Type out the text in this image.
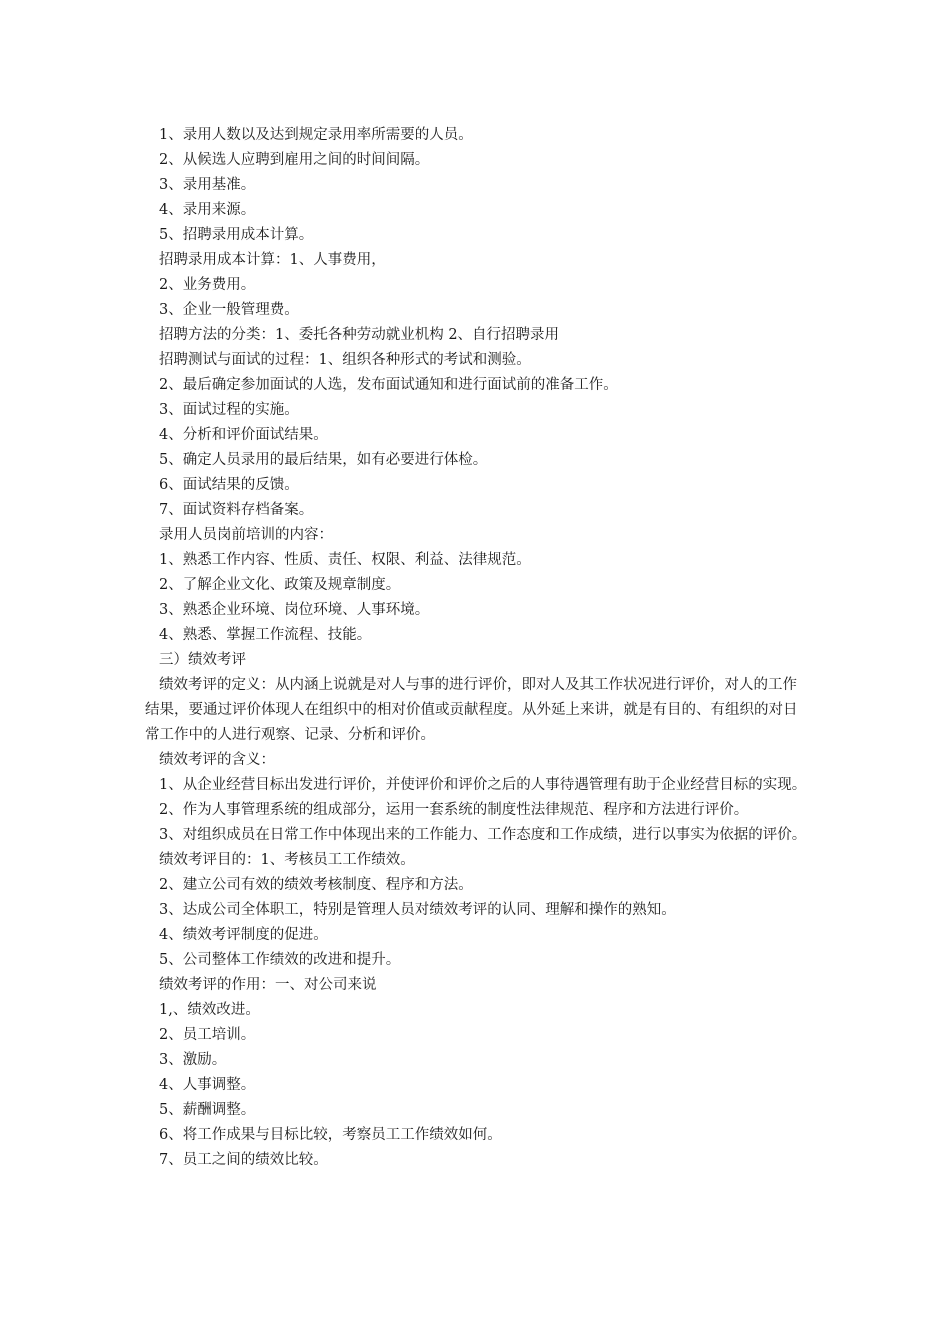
1、录用人数以及达到规定录用率所需要的人员。

2、从候选人应聘到雇用之间的时间间隔。

3、录用基准。

4、录用来源。

5、招聘录用成本计算。

招聘录用成本计算：1、人事费用，

2、业务费用。

3、企业一般管理费。

招聘方法的分类：1、委托各种劳动就业机构 2、自行招聘录用

招聘测试与面试的过程：1、组织各种形式的考试和测验。

2、最后确定参加面试的人选，发布面试通知和进行面试前的准备工作。

3、面试过程的实施。

4、分析和评价面试结果。

5、确定人员录用的最后结果，如有必要进行体检。

6、面试结果的反馈。

7、面试资料存档备案。

录用人员岗前培训的内容：

1、熟悉工作内容、性质、责任、权限、利益、法律规范。

2、了解企业文化、政策及规章制度。

3、熟悉企业环境、岗位环境、人事环境。

4、熟悉、掌握工作流程、技能。

三）绩效考评

绩效考评的定义：从内涵上说就是对人与事的进行评价，即对人及其工作状况进行评价，对人的工作结果，要通过评价体现人在组织中的相对价值或贡献程度。从外延上来讲，就是有目的、有组织的对日常工作中的人进行观察、记录、分析和评价。

绩效考评的含义：

1、从企业经营目标出发进行评价，并使评价和评价之后的人事待遇管理有助于企业经营目标的实现。

2、作为人事管理系统的组成部分，运用一套系统的制度性法律规范、程序和方法进行评价。

3、对组织成员在日常工作中体现出来的工作能力、工作态度和工作成绩，进行以事实为依据的评价。

绩效考评目的：1、考核员工工作绩效。

2、建立公司有效的绩效考核制度、程序和方法。

3、达成公司全体职工，特别是管理人员对绩效考评的认同、理解和操作的熟知。

4、绩效考评制度的促进。

5、公司整体工作绩效的改进和提升。

绩效考评的作用：一、对公司来说

1,、绩效改进。

2、员工培训。

3、激励。

4、人事调整。

5、薪酬调整。

6、将工作成果与目标比较，考察员工工作绩效如何。

7、员工之间的绩效比较。
